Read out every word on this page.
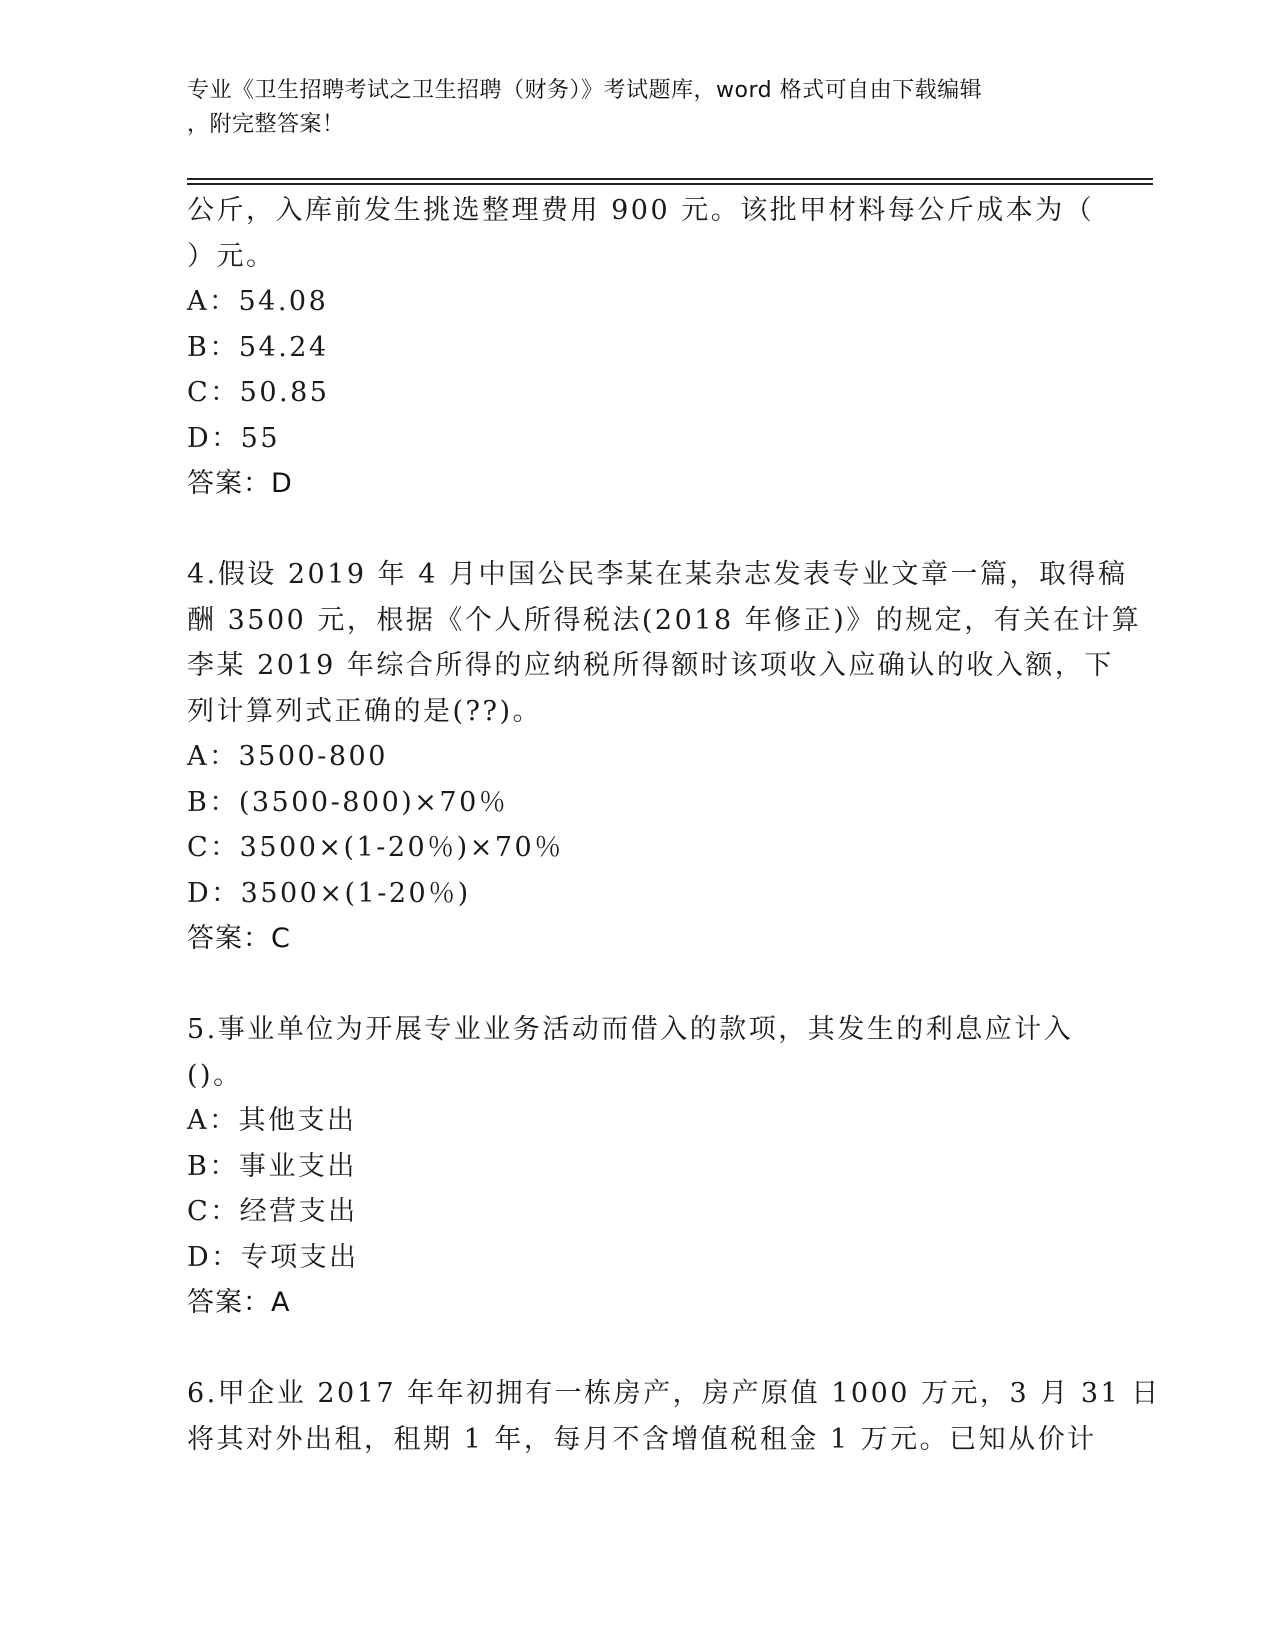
专业《卫生招聘考试之卫生招聘（财务）》考试题库，word 格式可自由下载编辑
，附完整答案！
公斤，入库前发生挑选整理费用 900 元。该批甲材料每公斤成本为（
）元。
A：54.08
B：54.24
C：50.85
D：55
答案：D
4.假设 2019 年 4 月中国公民李某在某杂志发表专业文章一篇，取得稿
酬 3500 元，根据《个人所得税法(2018 年修正)》的规定，有关在计算
李某 2019 年综合所得的应纳税所得额时该项收入应确认的收入额，下
列计算列式正确的是(??)。
A：3500-800
B：(3500-800)×70％
C：3500×(1-20％)×70％
D：3500×(1-20％)
答案：C
5.事业单位为开展专业业务活动而借入的款项，其发生的利息应计入
()。
A：其他支出
B：事业支出
C：经营支出
D：专项支出
答案：A
6.甲企业 2017 年年初拥有一栋房产，房产原值 1000 万元，3 月 31 日
将其对外出租，租期 1 年，每月不含增值税租金 1 万元。已知从价计
